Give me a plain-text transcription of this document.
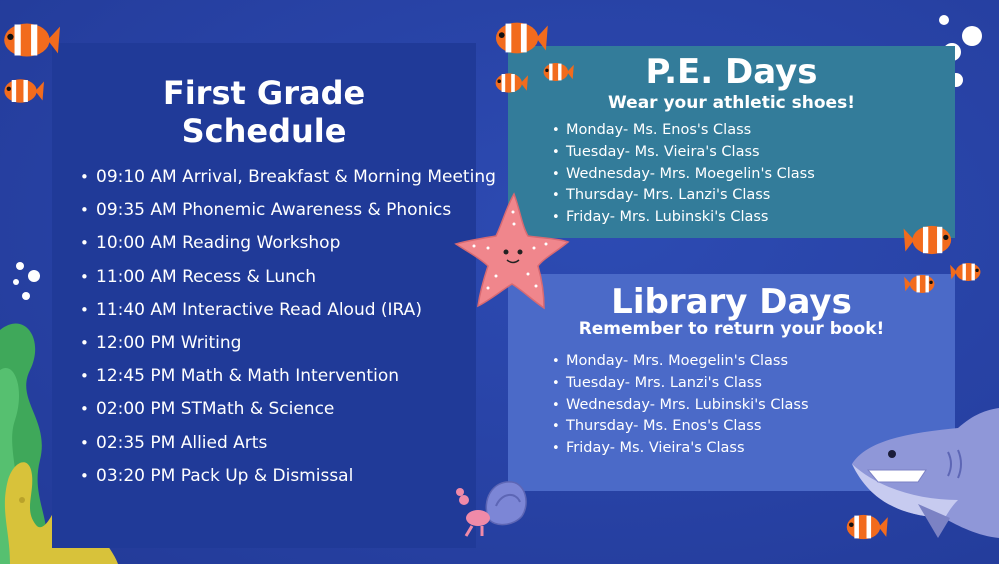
First Grade
Schedule
• 09:10 AM Arrival, Breakfast & Morning Meeting
• 09:35 AM Phonemic Awareness & Phonics
• 10:00 AM Reading Workshop
• 11:00 AM Recess & Lunch
• 11:40 AM Interactive Read Aloud (IRA)
• 12:00 PM Writing
• 12:45 PM Math & Math Intervention
• 02:00 PM STMath & Science
• 02:35 PM Allied Arts
• 03:20 PM Pack Up & Dismissal
P.E. Days
Wear your athletic shoes!
• Monday- Ms. Enos's Class
• Tuesday- Ms. Vieira's Class
• Wednesday- Mrs. Moegelin's Class
• Thursday- Mrs. Lanzi's Class
• Friday- Mrs. Lubinski's Class
Library Days
Remember to return your book!
• Monday- Mrs. Moegelin's Class
• Tuesday- Mrs. Lanzi's Class
• Wednesday- Mrs. Lubinski's Class
• Thursday- Ms. Enos's Class
• Friday- Ms. Vieira's Class
